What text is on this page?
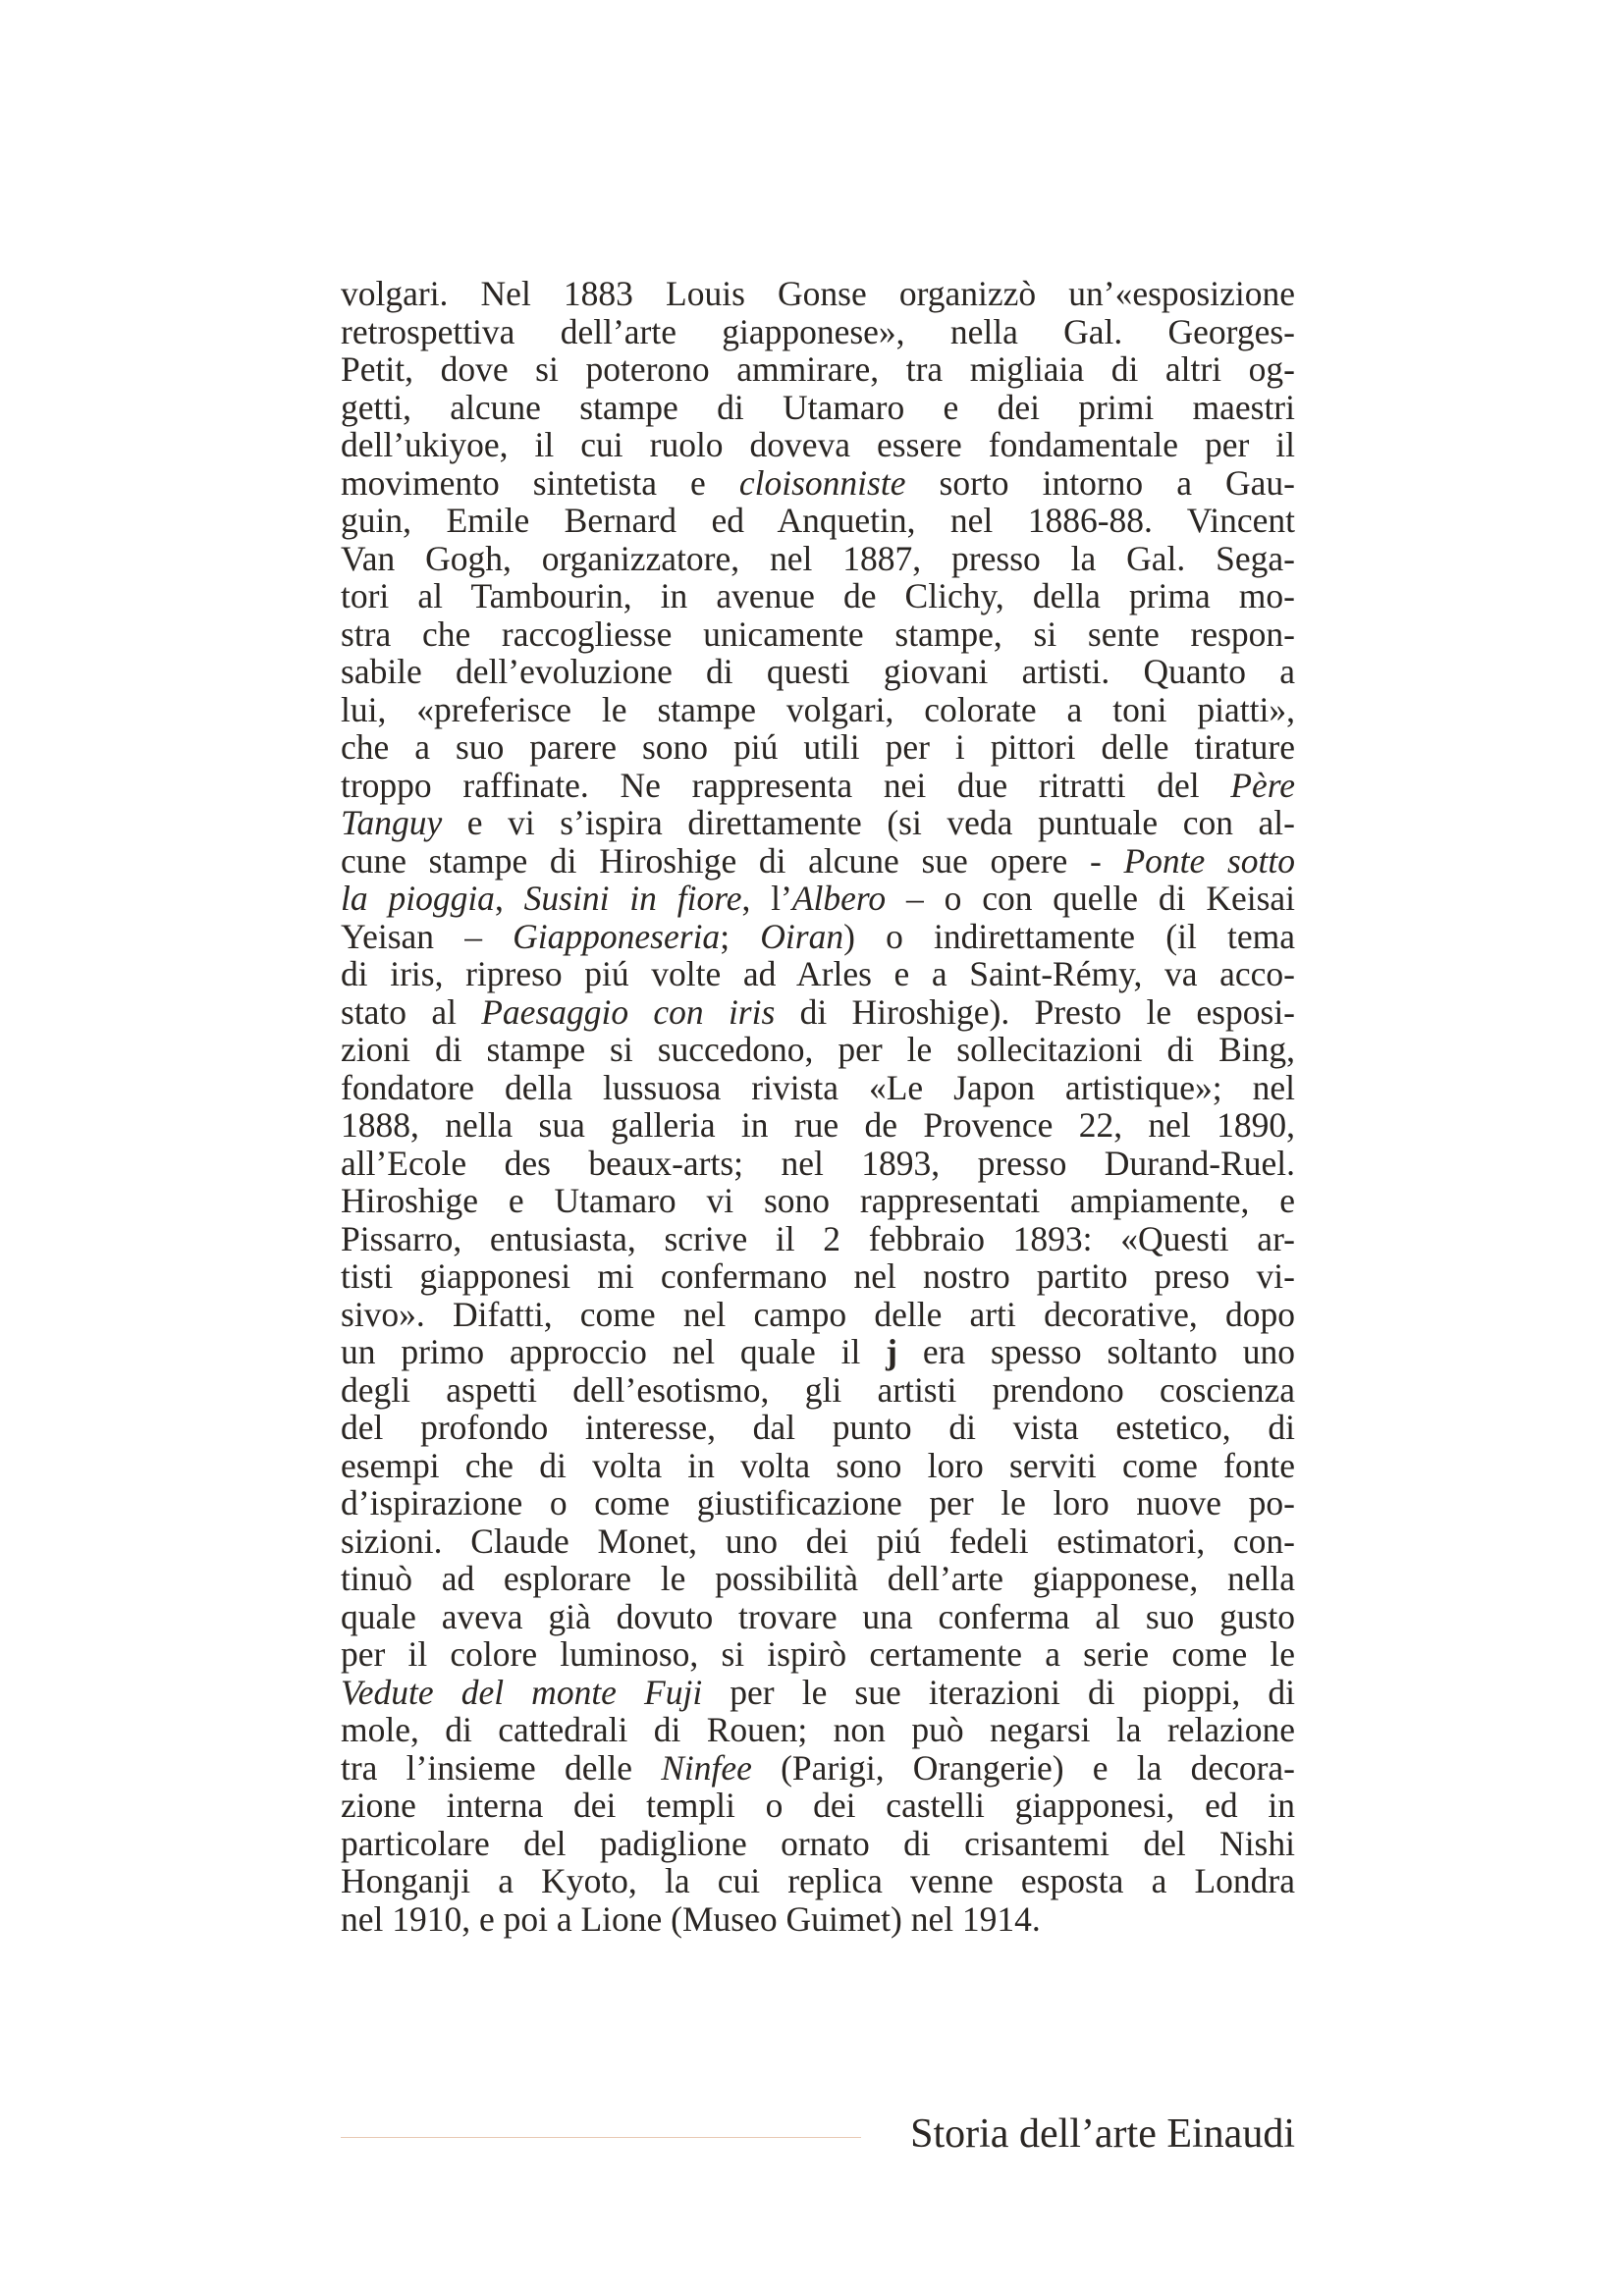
volgari. Nel 1883 Louis Gonse organizzò un’«esposizione
retrospettiva dell’arte giapponese», nella Gal. Georges-
Petit, dove si poterono ammirare, tra migliaia di altri og-
getti, alcune stampe di Utamaro e dei primi maestri
dell’ukiyoe, il cui ruolo doveva essere fondamentale per il
movimento sintetista e cloisonniste sorto intorno a Gau-
guin, Emile Bernard ed Anquetin, nel 1886-88. Vincent
Van Gogh, organizzatore, nel 1887, presso la Gal. Sega-
tori al Tambourin, in avenue de Clichy, della prima mo-
stra che raccogliesse unicamente stampe, si sente respon-
sabile dell’evoluzione di questi giovani artisti. Quanto a
lui, «preferisce le stampe volgari, colorate a toni piatti»,
che a suo parere sono piú utili per i pittori delle tirature
troppo raffinate. Ne rappresenta nei due ritratti del Père
Tanguy e vi s’ispira direttamente (si veda puntuale con al-
cune stampe di Hiroshige di alcune sue opere - Ponte sotto
la pioggia, Susini in fiore, l’Albero – o con quelle di Keisai
Yeisan – Giapponeseria; Oiran) o indirettamente (il tema
di iris, ripreso piú volte ad Arles e a Saint-Rémy, va acco-
stato al Paesaggio con iris di Hiroshige). Presto le esposi-
zioni di stampe si succedono, per le sollecitazioni di Bing,
fondatore della lussuosa rivista «Le Japon artistique»; nel
1888, nella sua galleria in rue de Provence 22, nel 1890,
all’Ecole des beaux-arts; nel 1893, presso Durand-Ruel.
Hiroshige e Utamaro vi sono rappresentati ampiamente, e
Pissarro, entusiasta, scrive il 2 febbraio 1893: «Questi ar-
tisti giapponesi mi confermano nel nostro partito preso vi-
sivo». Difatti, come nel campo delle arti decorative, dopo
un primo approccio nel quale il j era spesso soltanto uno
degli aspetti dell’esotismo, gli artisti prendono coscienza
del profondo interesse, dal punto di vista estetico, di
esempi che di volta in volta sono loro serviti come fonte
d’ispirazione o come giustificazione per le loro nuove po-
sizioni. Claude Monet, uno dei piú fedeli estimatori, con-
tinuò ad esplorare le possibilità dell’arte giapponese, nella
quale aveva già dovuto trovare una conferma al suo gusto
per il colore luminoso, si ispirò certamente a serie come le
Vedute del monte Fuji per le sue iterazioni di pioppi, di
mole, di cattedrali di Rouen; non può negarsi la relazione
tra l’insieme delle Ninfee (Parigi, Orangerie) e la decora-
zione interna dei templi o dei castelli giapponesi, ed in
particolare del padiglione ornato di crisantemi del Nishi
Honganji a Kyoto, la cui replica venne esposta a Londra
nel 1910, e poi a Lione (Museo Guimet) nel 1914.
Storia dell’arte Einaudi
